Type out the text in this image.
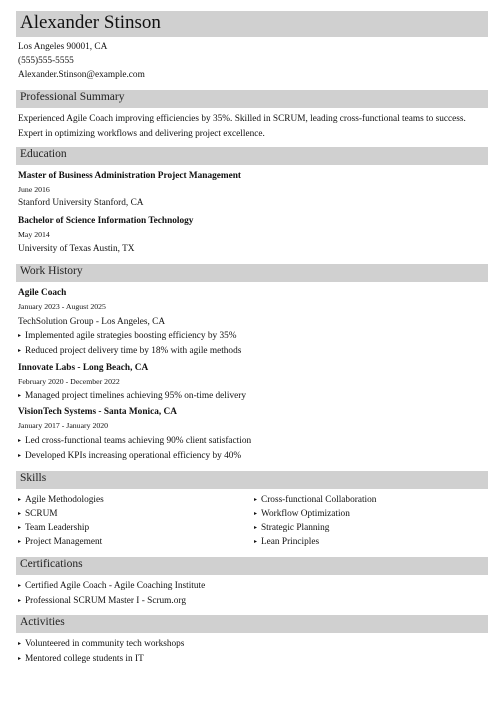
Alexander Stinson
Los Angeles 90001, CA
(555)555-5555
Alexander.Stinson@example.com
Professional Summary
Experienced Agile Coach improving efficiencies by 35%. Skilled in SCRUM, leading cross-functional teams to success. Expert in optimizing workflows and delivering project excellence.
Education
Master of Business Administration Project Management
June 2016
Stanford University Stanford, CA
Bachelor of Science Information Technology
May 2014
University of Texas Austin, TX
Work History
Agile Coach
January 2023 - August 2025
TechSolution Group - Los Angeles, CA
▸ Implemented agile strategies boosting efficiency by 35%
▸ Reduced project delivery time by 18% with agile methods
Innovate Labs - Long Beach, CA
February 2020 - December 2022
▸ Managed project timelines achieving 95% on-time delivery
VisionTech Systems - Santa Monica, CA
January 2017 - January 2020
▸ Led cross-functional teams achieving 90% client satisfaction
▸ Developed KPIs increasing operational efficiency by 40%
Skills
▸ Agile Methodologies
▸ SCRUM
▸ Team Leadership
▸ Project Management
▸ Cross-functional Collaboration
▸ Workflow Optimization
▸ Strategic Planning
▸ Lean Principles
Certifications
▸ Certified Agile Coach - Agile Coaching Institute
▸ Professional SCRUM Master I - Scrum.org
Activities
▸ Volunteered in community tech workshops
▸ Mentored college students in IT
